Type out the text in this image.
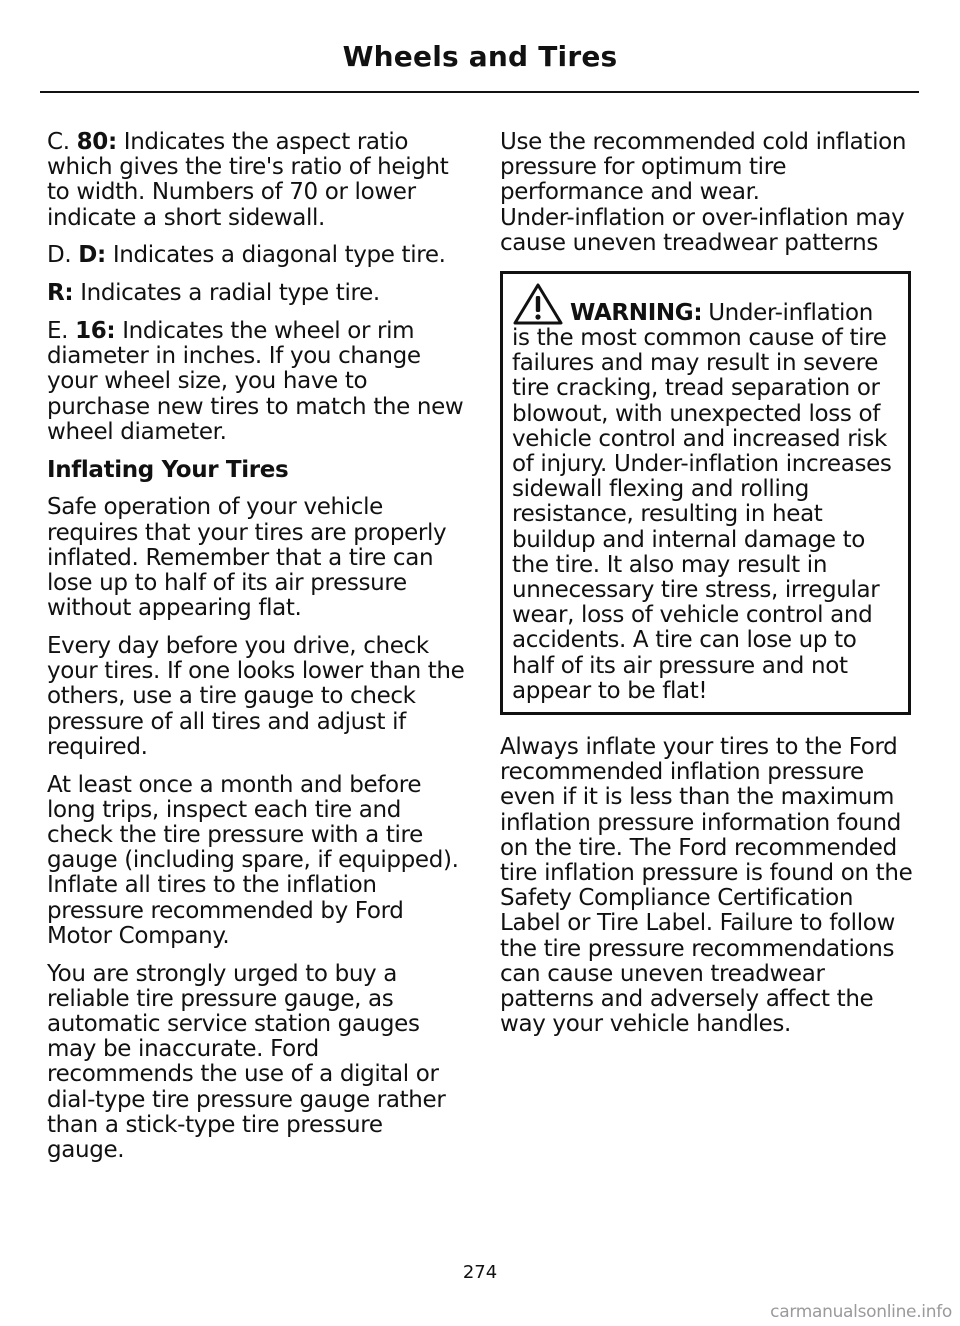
Wheels and Tires

C. 80: Indicates the aspect ratio which gives the tire's ratio of height to width. Numbers of 70 or lower indicate a short sidewall.

D. D: Indicates a diagonal type tire.

R: Indicates a radial type tire.

E. 16: Indicates the wheel or rim diameter in inches. If you change your wheel size, you have to purchase new tires to match the new wheel diameter.

Inflating Your Tires

Safe operation of your vehicle requires that your tires are properly inflated. Remember that a tire can lose up to half of its air pressure without appearing flat.

Every day before you drive, check your tires. If one looks lower than the others, use a tire gauge to check pressure of all tires and adjust if required.

At least once a month and before long trips, inspect each tire and check the tire pressure with a tire gauge (including spare, if equipped). Inflate all tires to the inflation pressure recommended by Ford Motor Company.

You are strongly urged to buy a reliable tire pressure gauge, as automatic service station gauges may be inaccurate. Ford recommends the use of a digital or dial-type tire pressure gauge rather than a stick-type tire pressure gauge.

Use the recommended cold inflation pressure for optimum tire performance and wear.

Under-inflation or over-inflation may cause uneven treadwear patterns

WARNING: Under-inflation
is the most common cause of tire failures and may result in severe tire cracking, tread separation or blowout, with unexpected loss of vehicle control and increased risk of injury. Under-inflation increases sidewall flexing and rolling resistance, resulting in heat buildup and internal damage to the tire. It also may result in unnecessary tire stress, irregular wear, loss of vehicle control and accidents. A tire can lose up to half of its air pressure and not appear to be flat!

Always inflate your tires to the Ford recommended inflation pressure even if it is less than the maximum inflation pressure information found on the tire. The Ford recommended tire inflation pressure is found on the Safety Compliance Certification Label or Tire Label. Failure to follow the tire pressure recommendations can cause uneven treadwear patterns and adversely affect the way your vehicle handles.

274
carmanualsonline.info
